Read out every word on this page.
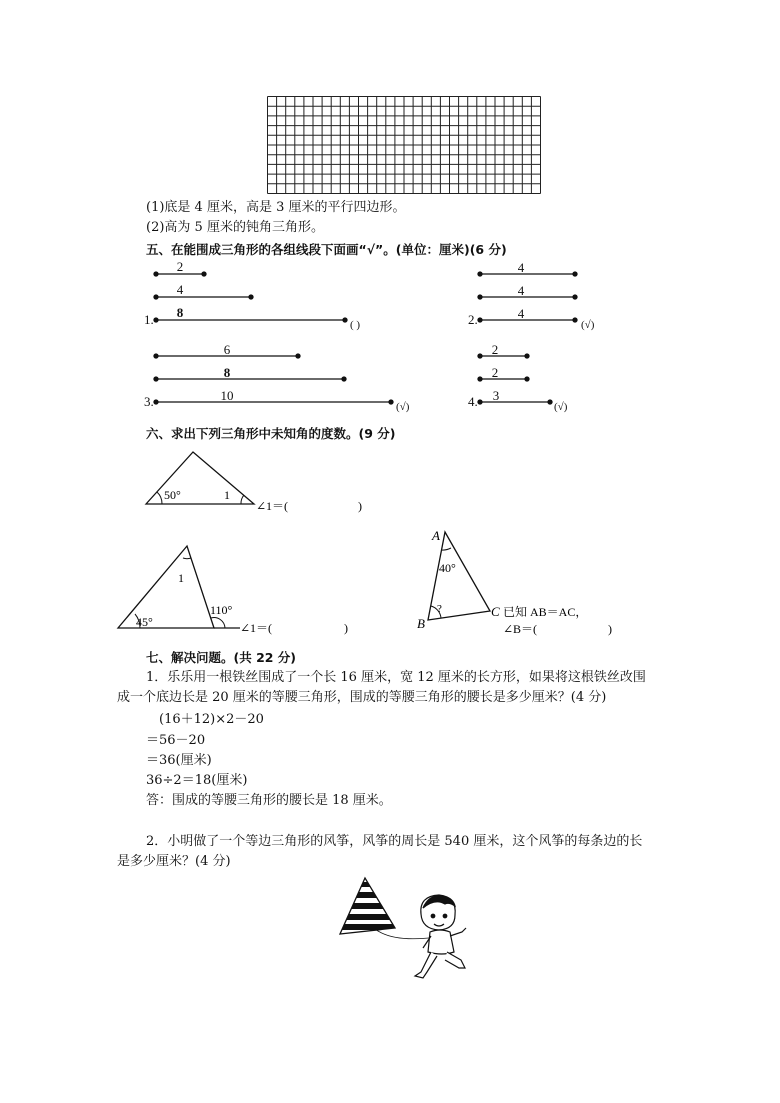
(1)底是 4 厘米，高是 3 厘米的平行四边形。
(2)高为 5 厘米的钝角三角形。
五、在能围成三角形的各组线段下面画“√”。(单位：厘米)(6 分)
2
4
8
4
4
4
6
8
10
2
2
3
1.	2.
3.	4.
( )	(√)
(√)	(√)
六、求出下列三角形中未知角的度数。(9 分)
50°	1
∠1＝(	)
1
45°
110°
∠1＝(	)
A
B
C
40°
?	已知 AB＝AC，
∠B＝(	)
七、解决问题。(共 22 分)
1．乐乐用一根铁丝围成了一个长 16 厘米，宽 12 厘米的长方形，如果将这根铁丝改围
成一个底边长是 20 厘米的等腰三角形，围成的等腰三角形的腰长是多少厘米？(4 分)
(16＋12)×2－20
＝56－20
＝36(厘米)
36÷2＝18(厘米)
答：围成的等腰三角形的腰长是 18 厘米。
2．小明做了一个等边三角形的风筝，风筝的周长是 540 厘米，这个风筝的每条边的长
是多少厘米？(4 分)
